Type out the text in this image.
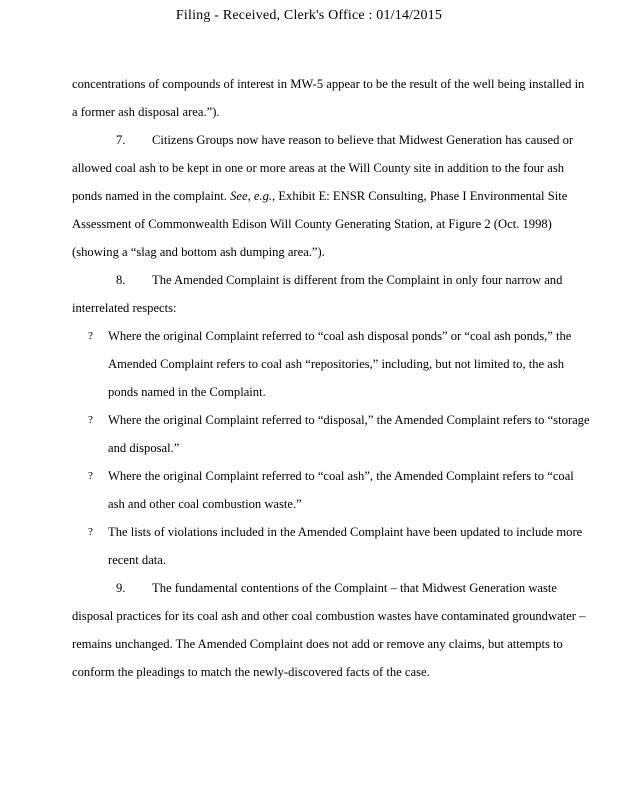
Filing - Received, Clerk's Office : 01/14/2015

concentrations of compounds of interest in MW-5 appear to be the result of the well being installed in a former ash disposal area.”).

7. Citizens Groups now have reason to believe that Midwest Generation has caused or allowed coal ash to be kept in one or more areas at the Will County site in addition to the four ash ponds named in the complaint. See, e.g., Exhibit E: ENSR Consulting, Phase I Environmental Site Assessment of Commonwealth Edison Will County Generating Station, at Figure 2 (Oct. 1998) (showing a “slag and bottom ash dumping area.”).

8. The Amended Complaint is different from the Complaint in only four narrow and interrelated respects:

? Where the original Complaint referred to “coal ash disposal ponds” or “coal ash ponds,” the Amended Complaint refers to coal ash “repositories,” including, but not limited to, the ash ponds named in the Complaint.
? Where the original Complaint referred to “disposal,” the Amended Complaint refers to “storage and disposal.”
? Where the original Complaint referred to “coal ash”, the Amended Complaint refers to “coal ash and other coal combustion waste.”
? The lists of violations included in the Amended Complaint have been updated to include more recent data.

9. The fundamental contentions of the Complaint – that Midwest Generation waste disposal practices for its coal ash and other coal combustion wastes have contaminated groundwater – remains unchanged. The Amended Complaint does not add or remove any claims, but attempts to conform the pleadings to match the newly-discovered facts of the case.
